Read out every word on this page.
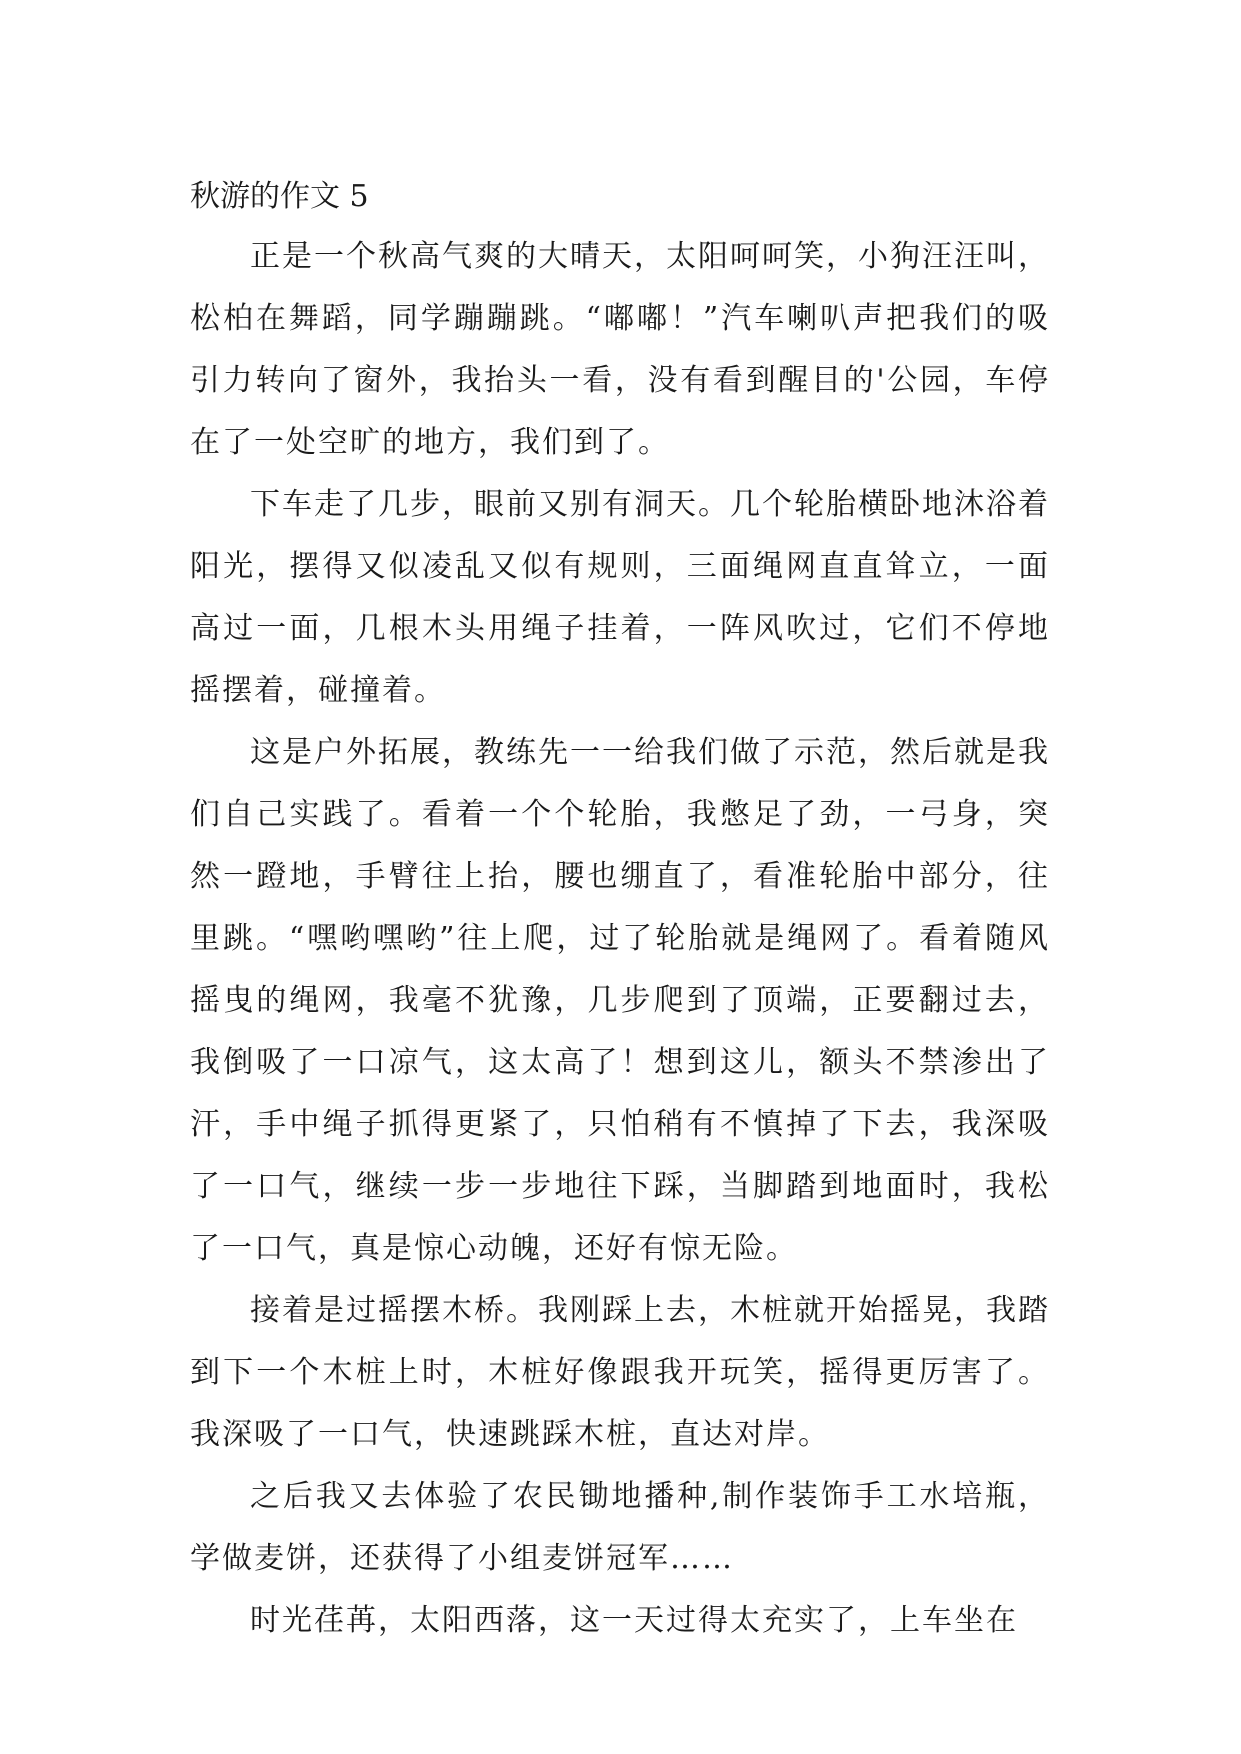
秋游的作文 5

正是一个秋高气爽的大晴天，太阳呵呵笑，小狗汪汪叫，松柏在舞蹈，同学蹦蹦跳。“嘟嘟！”汽车喇叭声把我们的吸引力转向了窗外，我抬头一看，没有看到醒目的'公园，车停在了一处空旷的地方，我们到了。

下车走了几步，眼前又别有洞天。几个轮胎横卧地沐浴着阳光，摆得又似凌乱又似有规则，三面绳网直直耸立，一面高过一面，几根木头用绳子挂着，一阵风吹过，它们不停地摇摆着，碰撞着。

这是户外拓展，教练先一一给我们做了示范，然后就是我们自己实践了。看着一个个轮胎，我憋足了劲，一弓身，突然一蹬地，手臂往上抬，腰也绷直了，看准轮胎中部分，往里跳。“嘿哟嘿哟”往上爬，过了轮胎就是绳网了。看着随风摇曳的绳网，我毫不犹豫，几步爬到了顶端，正要翻过去，我倒吸了一口凉气，这太高了！想到这儿，额头不禁渗出了汗，手中绳子抓得更紧了，只怕稍有不慎掉了下去，我深吸了一口气，继续一步一步地往下踩，当脚踏到地面时，我松了一口气，真是惊心动魄，还好有惊无险。

接着是过摇摆木桥。我刚踩上去，木桩就开始摇晃，我踏到下一个木桩上时，木桩好像跟我开玩笑，摇得更厉害了。我深吸了一口气，快速跳踩木桩，直达对岸。

之后我又去体验了农民锄地播种,制作装饰手工水培瓶，学做麦饼，还获得了小组麦饼冠军……

时光荏苒，太阳西落，这一天过得太充实了，上车坐在
